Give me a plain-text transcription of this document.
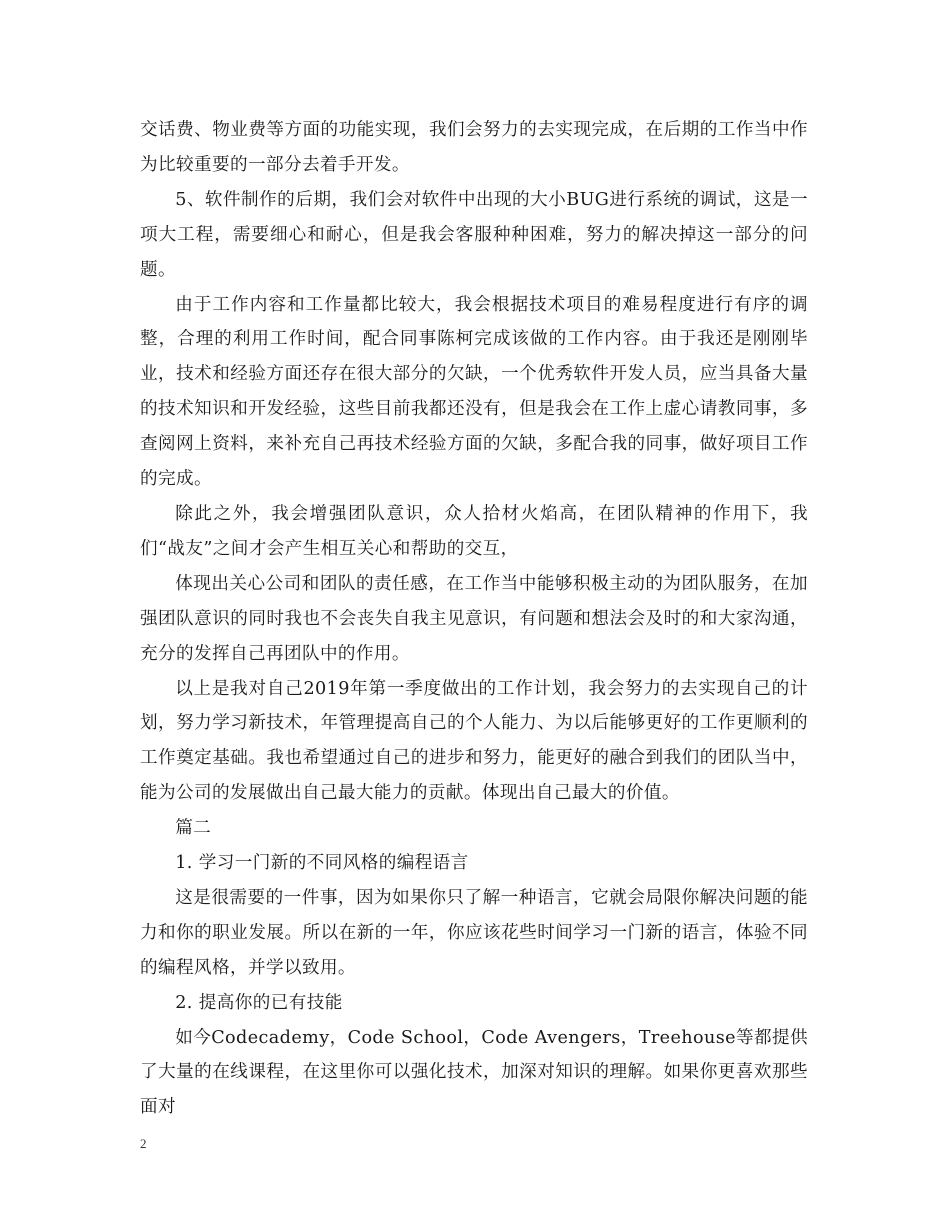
交话费、物业费等方面的功能实现，我们会努力的去实现完成，在后期的工作当中作为比较重要的一部分去着手开发。

5、软件制作的后期，我们会对软件中出现的大小BUG进行系统的调试，这是一项大工程，需要细心和耐心，但是我会客服种种困难，努力的解决掉这一部分的问题。

由于工作内容和工作量都比较大，我会根据技术项目的难易程度进行有序的调整，合理的利用工作时间，配合同事陈柯完成该做的工作内容。由于我还是刚刚毕业，技术和经验方面还存在很大部分的欠缺，一个优秀软件开发人员，应当具备大量的技术知识和开发经验，这些目前我都还没有，但是我会在工作上虚心请教同事，多查阅网上资料，来补充自己再技术经验方面的欠缺，多配合我的同事，做好项目工作的完成。

除此之外，我会增强团队意识，众人拾材火焰高，在团队精神的作用下，我们“战友”之间才会产生相互关心和帮助的交互，

体现出关心公司和团队的责任感，在工作当中能够积极主动的为团队服务，在加强团队意识的同时我也不会丧失自我主见意识，有问题和想法会及时的和大家沟通，充分的发挥自己再团队中的作用。

以上是我对自己2019年第一季度做出的工作计划，我会努力的去实现自己的计划，努力学习新技术，年管理提高自己的个人能力、为以后能够更好的工作更顺利的工作奠定基础。我也希望通过自己的进步和努力，能更好的融合到我们的团队当中，能为公司的发展做出自己最大能力的贡献。体现出自己最大的价值。

篇二

1. 学习一门新的不同风格的编程语言

这是很需要的一件事，因为如果你只了解一种语言，它就会局限你解决问题的能力和你的职业发展。所以在新的一年，你应该花些时间学习一门新的语言，体验不同的编程风格，并学以致用。

2. 提高你的已有技能

如今Codecademy，Code School，Code Avengers，Treehouse等都提供了大量的在线课程，在这里你可以强化技术，加深对知识的理解。如果你更喜欢那些面对

2
